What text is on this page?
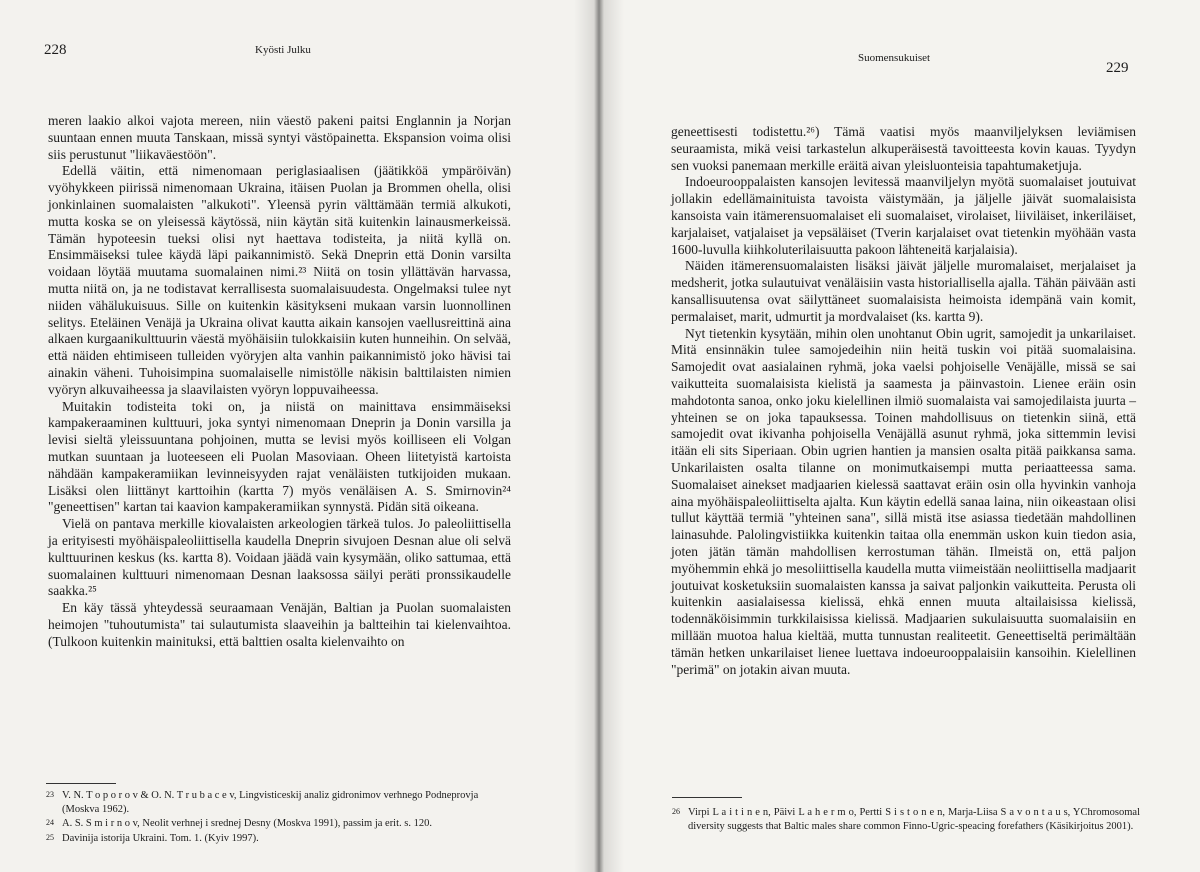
228	Kyösti Julku

meren laakio alkoi vajota mereen, niin väestö pakeni paitsi Englannin ja Norjan suuntaan ennen muuta Tanskaan, missä syntyi västöpainetta. Ekspansion voima olisi siis perustunut "liikaväestöön".

Edellä väitin, että nimenomaan periglasiaalisen (jäätikköä ympäröivän) vyöhykkeen piirissä nimenomaan Ukraina, itäisen Puolan ja Brommen ohella, olisi jonkinlainen suomalaisten "alkukoti". Yleensä pyrin välttämään termiä alkukoti, mutta koska se on yleisessä käytössä, niin käytän sitä kuitenkin lainausmerkeissä. Tämän hypoteesin tueksi olisi nyt haettava todisteita, ja niitä kyllä on. Ensimmäiseksi tulee käydä läpi paikannimistö. Sekä Dneprin että Donin varsilta voidaan löytää muutama suomalainen nimi.²³ Niitä on tosin yllättävän harvassa, mutta niitä on, ja ne todistavat kerrallisesta suomalaisuudesta. Ongelmaksi tulee nyt niiden vähälukuisuus. Sille on kuitenkin käsitykseni mukaan varsin luonnollinen selitys. Eteläinen Venäjä ja Ukraina olivat kautta aikain kansojen vaellusreittinä aina alkaen kurgaanikulttuurin väestä myöhäisiin tulokkaisiin kuten hunneihin. On selvää, että näiden ehtimiseen tulleiden vyöryjen alta vanhin paikannimistö joko hävisi tai ainakin väheni. Tuhoisimpina suomalaiselle nimistölle näkisin balttilaisten nimien vyöryn alkuvaiheessa ja slaavilaisten vyöryn loppuvaiheessa.

Muitakin todisteita toki on, ja niistä on mainittava ensimmäiseksi kampakeraaminen kulttuuri, joka syntyi nimenomaan Dneprin ja Donin varsilla ja levisi sieltä yleissuuntana pohjoinen, mutta se levisi myös koilliseen eli Volgan mutkan suuntaan ja luoteeseen eli Puolan Masoviaan. Oheen liitetyistä kartoista nähdään kampakeramiikan levinneisyyden rajat venäläisten tutkijoiden mukaan. Lisäksi olen liittänyt karttoihin (kartta 7) myös venäläisen A. S. Smirnovin²⁴ "geneettisen" kartan tai kaavion kampakeramiikan synnystä. Pidän sitä oikeana.

Vielä on pantava merkille kiovalaisten arkeologien tärkeä tulos. Jo paleoliittisella ja erityisesti myöhäispaleoliittisella kaudella Dneprin sivujoen Desnan alue oli selvä kulttuurinen keskus (ks. kartta 8). Voidaan jäädä vain kysymään, oliko sattumaa, että suomalainen kulttuuri nimenomaan Desnan laaksossa säilyi peräti pronssikaudelle saakka.²⁵

En käy tässä yhteydessä seuraamaan Venäjän, Baltian ja Puolan suomalaisten heimojen "tuhoutumista" tai sulautumista slaaveihin ja baltteihin tai kielenvaihtoa. (Tulkoon kuitenkin mainituksi, että balttien osalta kielenvaihto on

23 V. N. T o p o r o v & O. N. T r u b a c e v, Lingvisticeskij analiz gidronimov verhnego Podneprovja (Moskva 1962).
24 A. S. S m i r n o v, Neolit verhnej i srednej Desny (Moskva 1991), passim ja erit. s. 120.
25 Davinija istorija Ukraini. Tom. 1. (Kyiv 1997).
Suomensukuiset
229

geneettisesti todistettu.²⁶) Tämä vaatisi myös maanviljelyksen leviämisen seuraamista, mikä veisi tarkastelun alkuperäisestä tavoitteesta kovin kauas. Tyydyn sen vuoksi panemaan merkille eräitä aivan yleisluonteisia tapahtumaketjuja.

Indoeurooppalaisten kansojen levitessä maanviljelyn myötä suomalaiset joutuivat jollakin edellämainituista tavoista väistymään, ja jäljelle jäivät suomalaisista kansoista vain itämerensuomalaiset eli suomalaiset, virolaiset, liiviläiset, inkeriläiset, karjalaiset, vatjalaiset ja vepsäläiset (Tverin karjalaiset ovat tietenkin myöhään vasta 1600-luvulla kiihkoluterilaisuutta pakoon lähteneitä karjalaisia).

Näiden itämerensuomalaisten lisäksi jäivät jäljelle muromalaiset, merjalaiset ja medsherit, jotka sulautuivat venäläisiin vasta historiallisella ajalla. Tähän päivään asti kansallisuutensa ovat säilyttäneet suomalaisista heimoista idempänä vain komit, permalaiset, marit, udmurtit ja mordvalaiset (ks. kartta 9).

Nyt tietenkin kysytään, mihin olen unohtanut Obin ugrit, samojedit ja unkarilaiset. Mitä ensinnäkin tulee samojedeihin niin heitä tuskin voi pitää suomalaisina. Samojedit ovat aasialainen ryhmä, joka vaelsi pohjoiselle Venäjälle, missä se sai vaikutteita suomalaisista kielistä ja saamesta ja päinvastoin. Lienee eräin osin mahdotonta sanoa, onko joku kielellinen ilmiö suomalaista vai samojedilaista juurta – yhteinen se on joka tapauksessa. Toinen mahdollisuus on tietenkin siinä, että samojedit ovat ikivanha pohjoisella Venäjällä asunut ryhmä, joka sittemmin levisi itään eli sits Siperiaan. Obin ugrien hantien ja mansien osalta pitää paikkansa sama. Unkarilaisten osalta tilanne on monimutkaisempi mutta periaatteessa sama. Suomalaiset ainekset madjaarien kielessä saattavat eräin osin olla hyvinkin vanhoja aina myöhäispaleoliittiselta ajalta. Kun käytin edellä sanaa laina, niin oikeastaan olisi tullut käyttää termiä "yhteinen sana", sillä mistä itse asiassa tiedetään mahdollinen lainasuhde. Palolingvistiikka kuitenkin taitaa olla enemmän uskon kuin tiedon asia, joten jätän tämän mahdollisen kerrostuman tähän. Ilmeistä on, että paljon myöhemmin ehkä jo mesoliittisella kaudella mutta viimeistään neoliittisella madjaarit joutuivat kosketuksiin suomalaisten kanssa ja saivat paljonkin vaikutteita. Perusta oli kuitenkin aasialaisessa kielissä, ehkä ennen muuta altailaisissa kielissä, todennäköisimmin turkkilaisissa kielissä. Madjaarien sukulaisuutta suomalaisiin en millään muotoa halua kieltää, mutta tunnustan realiteetit. Geneettiseltä perimältään tämän hetken unkarilaiset lienee luettava indoeurooppalaisiin kansoihin. Kielellinen "perimä" on jotakin aivan muuta.

26 Virpi L a i t i n e n, Päivi L a h e r m o, Pertti S i s t o n e n, Marja-Liisa S a v o n t a u s, YChromosomal diversity suggests that Baltic males share common Finno-Ugric-speacing forefathers (Käsikirjoitus 2001).
